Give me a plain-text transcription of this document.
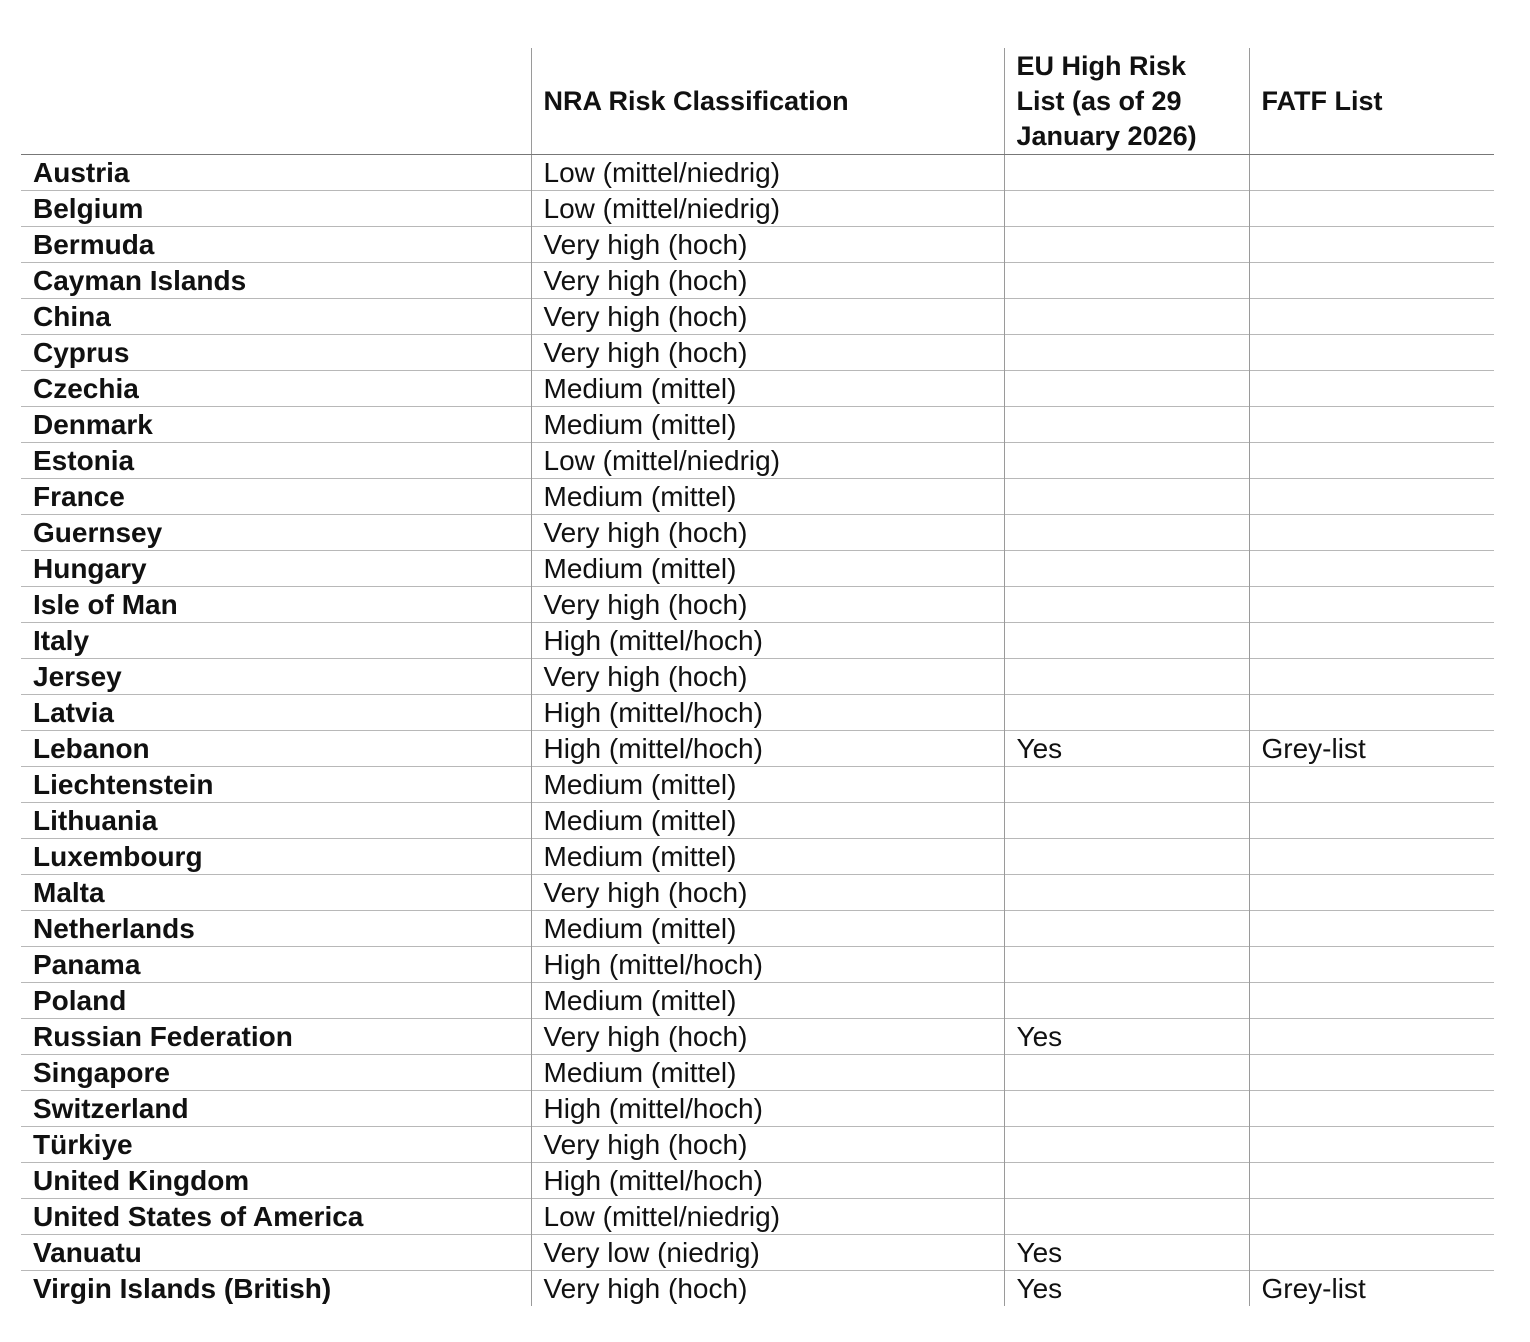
	NRA Risk Classification	EU High Risk List (as of 29 January 2026)	FATF List
Austria	Low (mittel/niedrig)		
Belgium	Low (mittel/niedrig)		
Bermuda	Very high (hoch)		
Cayman Islands	Very high (hoch)		
China	Very high (hoch)		
Cyprus	Very high (hoch)		
Czechia	Medium (mittel)		
Denmark	Medium (mittel)		
Estonia	Low (mittel/niedrig)		
France	Medium (mittel)		
Guernsey	Very high (hoch)		
Hungary	Medium (mittel)		
Isle of Man	Very high (hoch)		
Italy	High (mittel/hoch)		
Jersey	Very high (hoch)		
Latvia	High (mittel/hoch)		
Lebanon	High (mittel/hoch)	Yes	Grey-list
Liechtenstein	Medium (mittel)		
Lithuania	Medium (mittel)		
Luxembourg	Medium (mittel)		
Malta	Very high (hoch)		
Netherlands	Medium (mittel)		
Panama	High (mittel/hoch)		
Poland	Medium (mittel)		
Russian Federation	Very high (hoch)	Yes	
Singapore	Medium (mittel)		
Switzerland	High (mittel/hoch)		
Türkiye	Very high (hoch)		
United Kingdom	High (mittel/hoch)		
United States of America	Low (mittel/niedrig)		
Vanuatu	Very low (niedrig)	Yes	
Virgin Islands (British)	Very high (hoch)	Yes	Grey-list
